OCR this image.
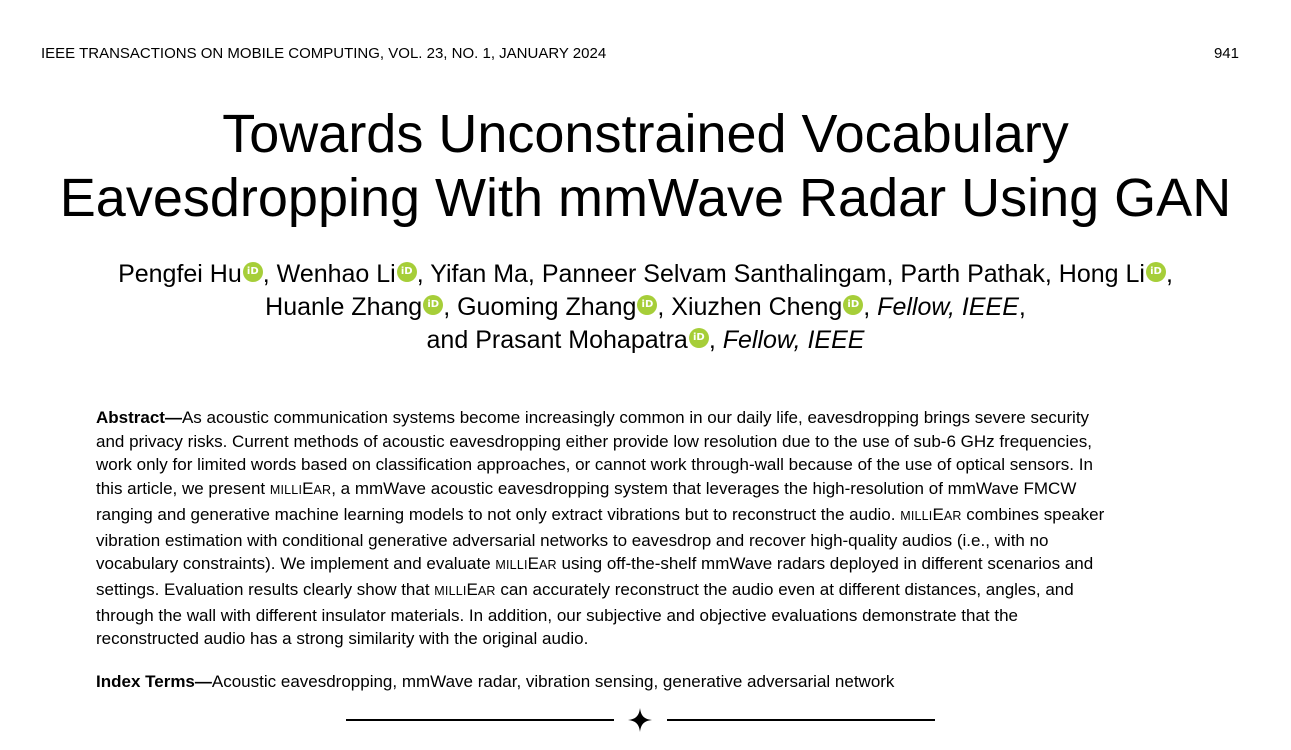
IEEE TRANSACTIONS ON MOBILE COMPUTING, VOL. 23, NO. 1, JANUARY 2024	941
Towards Unconstrained Vocabulary
Eavesdropping With mmWave Radar Using GAN
Pengfei Hu iD , Wenhao Li iD , Yifan Ma, Panneer Selvam Santhalingam, Parth Pathak, Hong Li iD ,
Huanle Zhang iD , Guoming Zhang iD , Xiuzhen Cheng iD , Fellow, IEEE,
and Prasant Mohapatra iD , Fellow, IEEE
Abstract—As acoustic communication systems become increasingly common in our daily life, eavesdropping brings severe security
and privacy risks. Current methods of acoustic eavesdropping either provide low resolution due to the use of sub-6 GHz frequencies,
work only for limited words based on classification approaches, or cannot work through-wall because of the use of optical sensors. In
this article, we present MILLIEAR, a mmWave acoustic eavesdropping system that leverages the high-resolution of mmWave FMCW
ranging and generative machine learning models to not only extract vibrations but to reconstruct the audio. MILLIEAR combines speaker
vibration estimation with conditional generative adversarial networks to eavesdrop and recover high-quality audios (i.e., with no
vocabulary constraints). We implement and evaluate MILLIEAR using off-the-shelf mmWave radars deployed in different scenarios and
settings. Evaluation results clearly show that MILLIEAR can accurately reconstruct the audio even at different distances, angles, and
through the wall with different insulator materials. In addition, our subjective and objective evaluations demonstrate that the
reconstructed audio has a strong similarity with the original audio.
Index Terms—Acoustic eavesdropping, mmWave radar, vibration sensing, generative adversarial network
